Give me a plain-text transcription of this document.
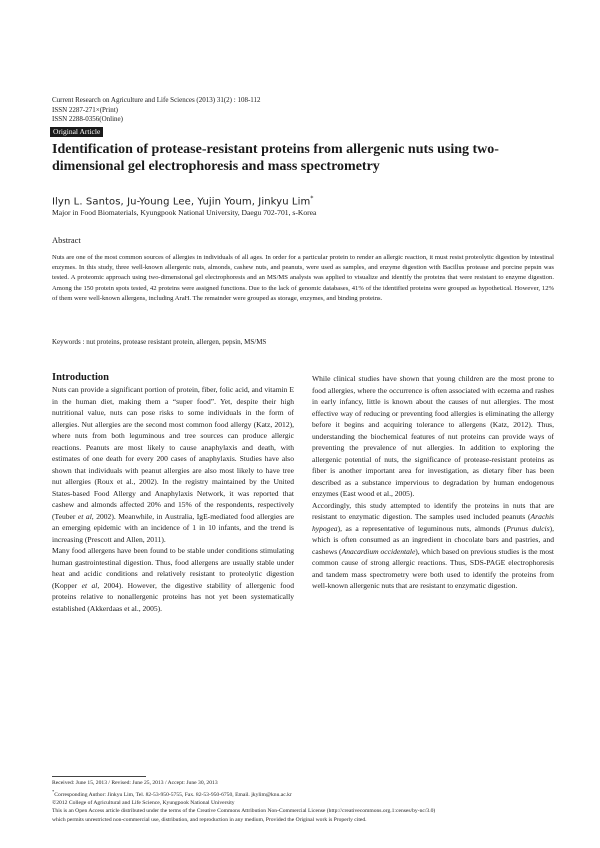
Current Research on Agriculture and Life Sciences (2013) 31(2) : 108-112
ISSN 2287-271×(Print)
ISSN 2288-0356(Online)
Original Article
Identification of protease-resistant proteins from allergenic nuts using two-dimensional gel electrophoresis and mass spectrometry
Ilyn L. Santos, Ju-Young Lee, Yujin Youm, Jinkyu Lim*
Major in Food Biomaterials, Kyungpook National University, Daegu 702-701, s-Korea
Abstract
Nuts are one of the most common sources of allergies in individuals of all ages. In order for a particular protein to render an allergic reaction, it must resist proteolytic digestion by intestinal enzymes. In this study, three well-known allergenic nuts, almonds, cashew nuts, and peanuts, were used as samples, and enzyme digestion with Bacillus protease and porcine pepsin was tested. A proteomic approach using two-dimensional gel electrophoresis and an MS/MS analysis was applied to visualize and identify the proteins that were resistant to enzyme digestion. Among the 150 protein spots tested, 42 proteins were assigned functions. Due to the lack of genomic databases, 41% of the identified proteins were grouped as hypothetical. However, 12% of them were well-known allergens, including AraH. The remainder were grouped as storage, enzymes, and binding proteins.
Keywords : nut proteins, protease resistant protein, allergen, pepsin, MS/MS
Introduction

Nuts can provide a significant portion of protein, fiber, folic acid, and vitamin E in the human diet, making them a “super food”. Yet, despite their high nutritional value, nuts can pose risks to some individuals in the form of allergies. Nut allergies are the second most common food allergy (Katz, 2012), where nuts from both leguminous and tree sources can produce allergic reactions. Peanuts are most likely to cause anaphylaxis and death, with estimates of one death for every 200 cases of anaphylaxis. Studies have also shown that individuals with peanut allergies are also most likely to have tree nut allergies (Roux et al., 2002). In the registry maintained by the United States-based Food Allergy and Anaphylaxis Network, it was reported that cashew and almonds affected 20% and 15% of the respondents, respectively (Teuber et al, 2002). Meanwhile, in Australia, IgE-mediated food allergies are an emerging epidemic with an incidence of 1 in 10 infants, and the trend is increasing (Prescott and Allen, 2011).

Many food allergens have been found to be stable under conditions stimulating human gastrointestinal digestion. Thus, food allergens are usually stable under heat and acidic conditions and relatively resistant to proteolytic digestion (Kopper et al, 2004). However, the digestive stability of allergenic food proteins relative to nonallergenic proteins has not yet been systematically established (Akkerdaas et al., 2005).

While clinical studies have shown that young children are the most prone to food allergies, where the occurrence is often associated with eczema and rashes in early infancy, little is known about the causes of nut allergies. The most effective way of reducing or preventing food allergies is eliminating the allergy before it begins and acquiring tolerance to allergens (Katz, 2012). Thus, understanding the biochemical features of nut proteins can provide ways of preventing the prevalence of nut allergies. In addition to exploring the allergenic potential of nuts, the significance of protease-resistant proteins as fiber is another important area for investigation, as dietary fiber has been described as a substance impervious to degradation by human endogenous enzymes (East wood et al., 2005).

Accordingly, this study attempted to identify the proteins in nuts that are resistant to enzymatic digestion. The samples used included peanuts (Arachis hypogea), as a representative of leguminous nuts, almonds (Prunus dulcis), which is often consumed as an ingredient in chocolate bars and pastries, and cashews (Anacardium occidentale), which based on previous studies is the most common cause of strong allergic reactions. Thus, SDS-PAGE electrophoresis and tandem mass spectrometry were both used to identify the proteins from well-known allergenic nuts that are resistant to enzymatic digestion.

Received: June 15, 2013 / Revised: June 25, 2013 / Accept: June 30, 2013
*Corresponding Author: Jinkyu Lim, Tel. 82-53-950-5755, Fax. 82-53-950-6750, Email. jkylim@knu.ac.kr
©2012 College of Agricultural and Life Science, Kyungpook National University
This is an Open Access article distributed under the terms of the Creative Commons Attribution Non-Commercial License (http://creativecommons.org.1:censes/by-nc/3.0)
which permits unrestricted non-commercial use, distribution, and reproduction in any medium, Provided the Original work is Properly cited.
